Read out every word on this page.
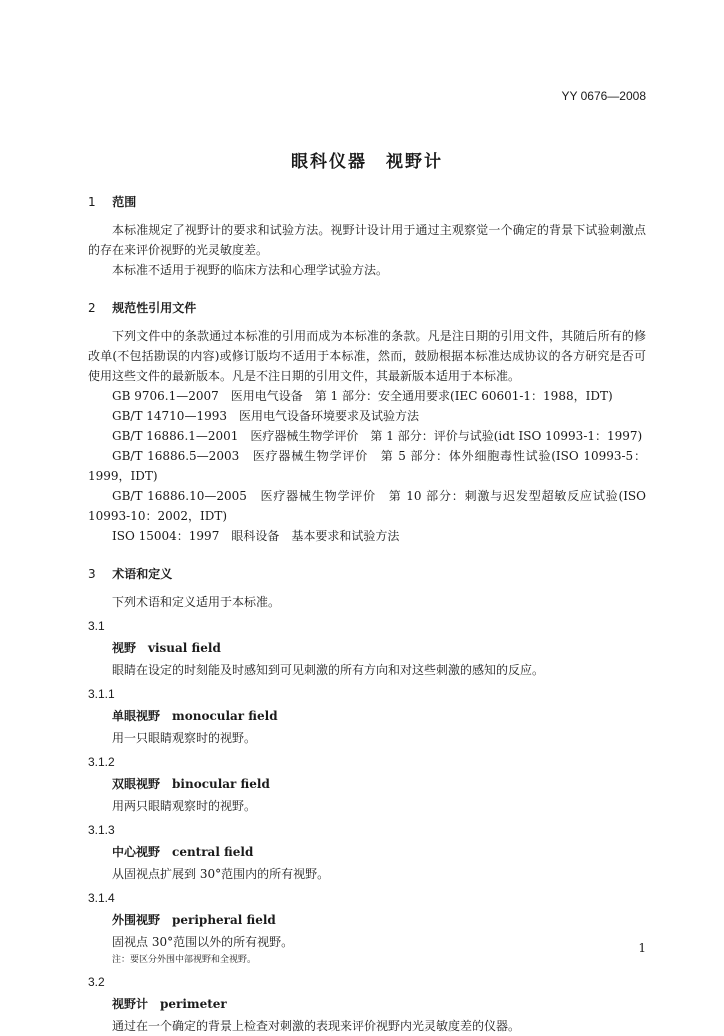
YY 0676—2008
眼科仪器　视野计
1 范围

本标准规定了视野计的要求和试验方法。视野计设计用于通过主观察觉一个确定的背景下试验刺激点的存在来评价视野的光灵敏度差。

本标准不适用于视野的临床方法和心理学试验方法。

2 规范性引用文件

下列文件中的条款通过本标准的引用而成为本标准的条款。凡是注日期的引用文件，其随后所有的修改单(不包括勘误的内容)或修订版均不适用于本标准，然而，鼓励根据本标准达成协议的各方研究是否可使用这些文件的最新版本。凡是不注日期的引用文件，其最新版本适用于本标准。

GB 9706.1—2007　医用电气设备　第 1 部分：安全通用要求(IEC 60601-1：1988，IDT)

GB/T 14710—1993　医用电气设备环境要求及试验方法

GB/T 16886.1—2001　医疗器械生物学评价　第 1 部分：评价与试验(idt ISO 10993-1：1997)

GB/T 16886.5—2003　医疗器械生物学评价　第 5 部分：体外细胞毒性试验(ISO 10993-5：1999，IDT)

GB/T 16886.10—2005　医疗器械生物学评价　第 10 部分：刺激与迟发型超敏反应试验(ISO 10993-10：2002，IDT)

ISO 15004：1997　眼科设备　基本要求和试验方法

3 术语和定义

下列术语和定义适用于本标准。

3.1
视野 visual field
眼睛在设定的时刻能及时感知到可见刺激的所有方向和对这些刺激的感知的反应。
3.1.1
单眼视野 monocular field
用一只眼睛观察时的视野。
3.1.2
双眼视野 binocular field
用两只眼睛观察时的视野。
3.1.3
中心视野 central field
从固视点扩展到 30°范围内的所有视野。
3.1.4
外围视野 peripheral field
固视点 30°范围以外的所有视野。
注：要区分外围中部视野和全视野。
3.2
视野计 perimeter
通过在一个确定的背景上检查对刺激的表现来评价视野内光灵敏度差的仪器。
1
